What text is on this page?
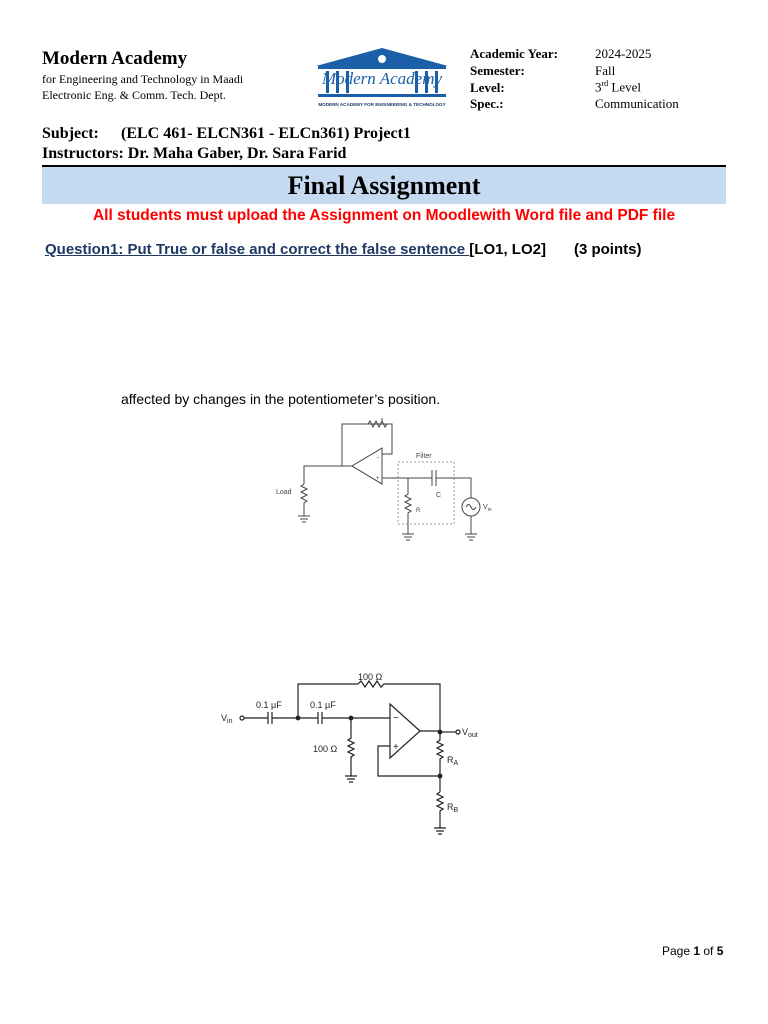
Modern Academy
for Engineering and Technology in Maadi
Electronic Eng. & Comm. Tech. Dept.
Modern Academy
MODERN ACADEMY FOR ENGINEERING & TECHNOLOGY
Academic Year:	2024-2025
Semester:	Fall
Level:	3rd Level
Spec.:	Communication
Subject: (ELC 461- ELCN361 - ELCn361) Project1
Instructors: Dr. Maha Gaber, Dr. Sara Farid
Final Assignment
All students must upload the Assignment on Moodlewith Word file and PDF file
Question1: Put True or false and correct the false sentence [LO1, LO2] (3 points)
affected by changes in the potentiometer’s position.
−
+
Load
Filter
C
R	$V_{in}$
100 Ω
$V_{in}$
0.1 μF	0.1 μF
100 Ω
−
+
$V_{out}$
$R_A$
$R_B$
Page 1 of 5
